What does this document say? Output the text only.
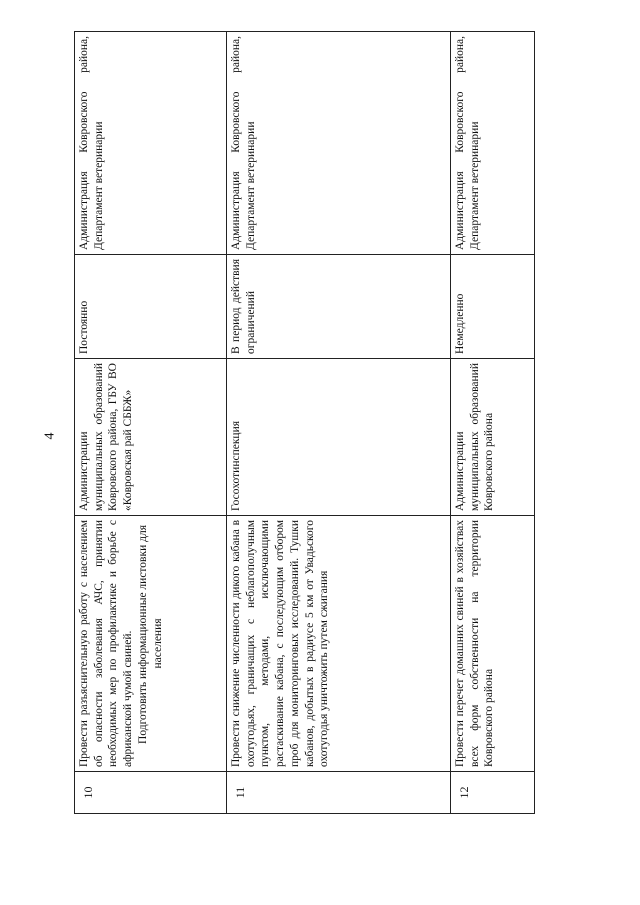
4
10	Провести разъяснительную работу с населением об опасности заболевания АЧС, принятии необходимых мер по профилактике и борьбе с африканской чумой свиней. Подготовить информационные листовки для населения	Администрации муниципальных образований Ковровского района, ГБУ ВО «Ковровская рай СББЖ»	Постоянно	Администрация Ковровского района, Департамент ветеринарии
11	Провести снижение численности дикого кабана в охотугодьях, граничащих с неблагополучным пунктом, методами, исключающими растаскивание кабана, с последующим отбором проб для мониторинговых исследований. Тушки кабанов, добытых в радиусе 5 км от Увадьского охотугодья уничтожить путем сжигания	Госохотинспекция	В период действия ограничений	Администрация Ковровского района, Департамент ветеринарии
12	Провести перечет домашних свиней в хозяйствах всех форм собственности на территории Ковровского района	Администрации муниципальных образований Ковровского района	Немедленно	Администрация Ковровского района, Департамент ветеринарии
